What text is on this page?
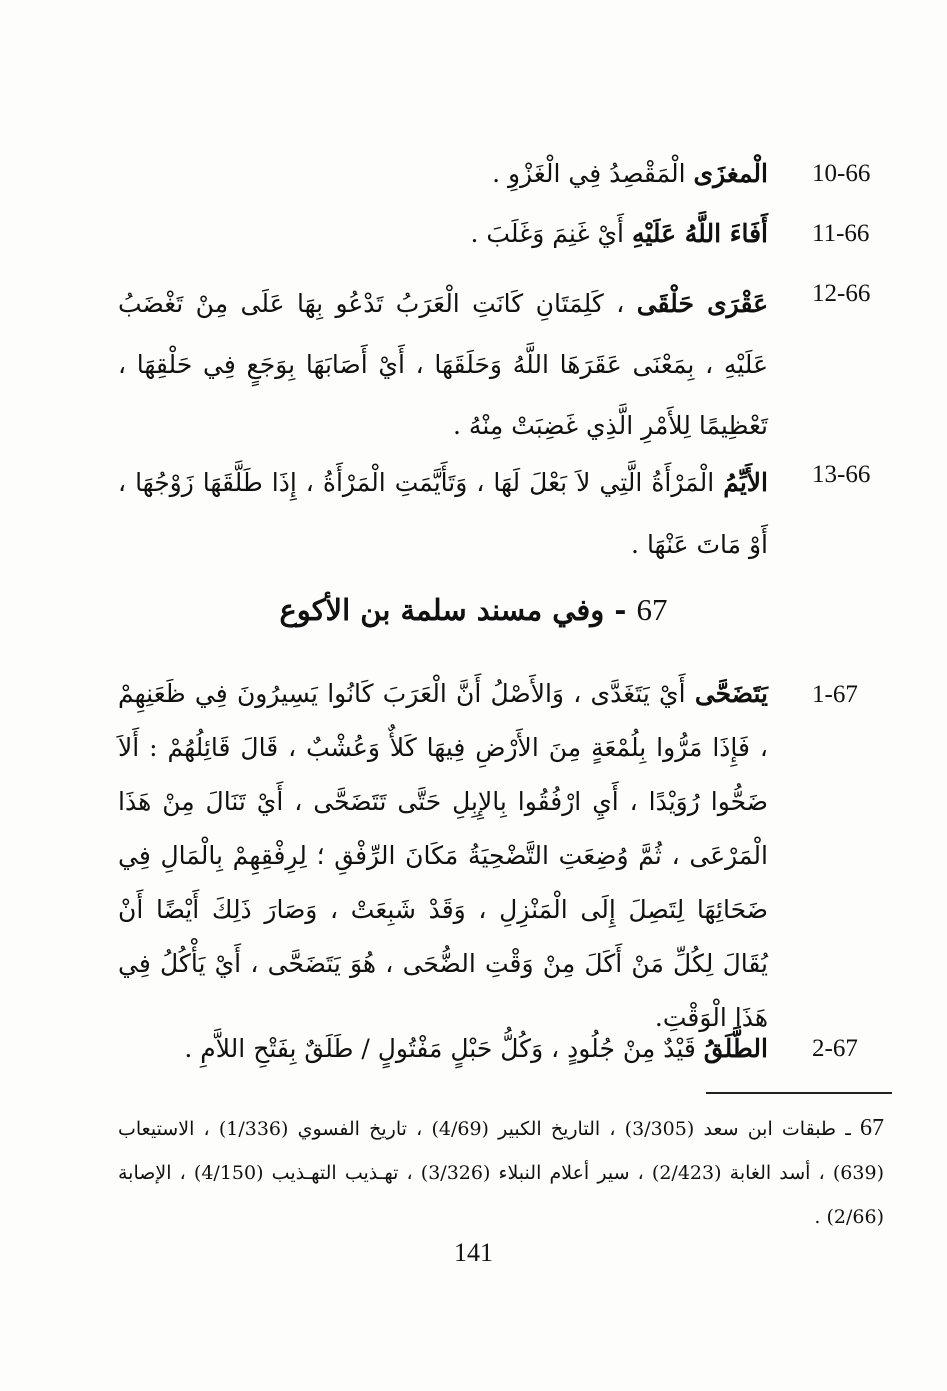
10-66
الْمغزَى الْمَقْصِدُ فِي الْغَزْوِ .
11-66
أَفَاءَ اللَّهُ عَلَيْهِ أَيْ غَنِمَ وَغَلَبَ .
12-66
عَقْرَى حَلْقَى ، كَلِمَتَانِ كَانَتِ الْعَرَبُ تَدْعُو بِهَا عَلَى مِنْ تَغْضَبُ عَلَيْهِ ، بِمَعْنَى عَقَرَهَا اللَّهُ وَحَلَقَهَا ، أَيْ أَصَابَهَا بِوَجَعٍ فِي حَلْقِهَا ، تَعْظِيمًا لِلأَمْرِ الَّذِي غَضِبَتْ مِنْهُ .
13-66
الأَيِّمُ الْمَرْأَةُ الَّتِي لاَ بَعْلَ لَهَا ، وَتَأَيَّمَتِ الْمَرْأَةُ ، إِذَا طَلَّقَهَا زَوْجُهَا ، أَوْ مَاتَ عَنْهَا .
67 - وفي مسند سلمة بن الأكوع
1-67
يَتَضَحَّى أَيْ يَتَغَدَّى ، وَالأَصْلُ أَنَّ الْعَرَبَ كَانُوا يَسِيرُونَ فِي ظَعَنِهِمْ ، فَإِذَا مَرُّوا بِلُمْعَةٍ مِنَ الأَرْضِ فِيهَا كَلأٌ وَعُشْبٌ ، قَالَ قَائِلُهُمْ : أَلاَ ضَحُّوا رُوَيْدًا ، أَيِ ارْفُقُوا بِالإِبِلِ حَتَّى تَتَضَحَّى ، أَيْ تَنَالَ مِنْ هَذَا الْمَرْعَى ، ثُمَّ وُضِعَتِ التَّضْحِيَةُ مَكَانَ الرِّفْقِ ؛ لِرِفْقِهِمْ بِالْمَالِ فِي ضَحَائِهَا لِتَصِلَ إِلَى الْمَنْزِلِ ، وَقَدْ شَبِعَتْ ، وَصَارَ ذَلِكَ أَيْضًا أَنْ يُقَالَ لِكُلِّ مَنْ أَكَلَ مِنْ وَقْتِ الضُّحَى ، هُوَ يَتَضَحَّى ، أَيْ يَأْكُلُ فِي هَذَا الْوَقْتِ.
2-67
الطَّلَقُ قَيْدٌ مِنْ جُلُودٍ ، وَكُلُّ حَبْلٍ مَفْتُولٍ / طَلَقٌ بِفَتْحِ اللاَّمِ .
67 ـ طبقات ابن سعد (3/305) ، التاريخ الكبير (4/69) ، تاريخ الفسوي (1/336) ، الاستيعاب (639) ، أسد الغابة (2/423) ، سير أعلام النبلاء (3/326) ، تهـذيب التهـذيب (4/150) ، الإصابة (2/66) .
141
